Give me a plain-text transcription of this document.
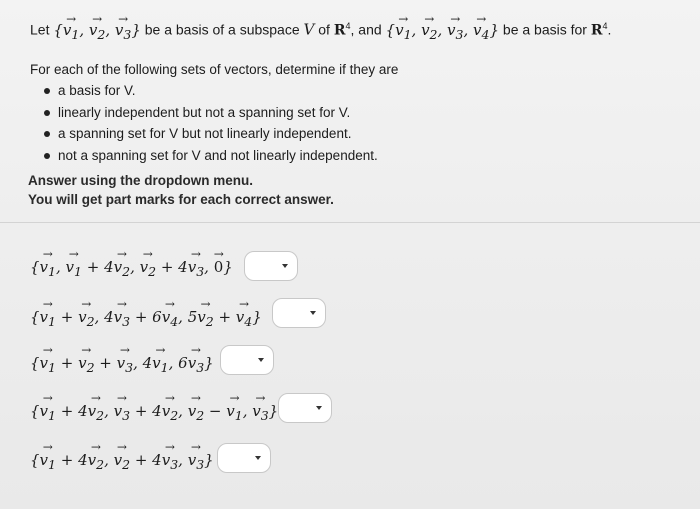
Let {→ $v_1$, → $v_2$, → $v_3$} be a basis of a subspace V of $R^4$, and {→ $v_1$, → $v_2$, → $v_3$, → $v_4$} be a basis for $R^4$.
For each of the following sets of vectors, determine if they are
a basis for V.
linearly independent but not a spanning set for V.
a spanning set for V but not linearly independent.
not a spanning set for V and not linearly independent.
Answer using the dropdown menu.
You will get part marks for each correct answer.
{→ $v_1$, → $v_1 + 4\to v_2$, → $v_2 + 4\to v_3$, → 0}
{→ $v_1$ + → $v_2$, $4\to v_3 + 6\to v_4$, $5\to v_2$ + → $v_4$}
{→ $v_1$ + → $v_2$ + → $v_3$, $4\to v_1$, $6\to v_3$}
{→ $v_1 + 4\to v_2$, → $v_3 + 4\to v_2$, → $v_2$ − → $v_1$, → $v_3$}
{→ $v_1 + 4\to v_2$, → $v_2 + 4\to v_3$, → $v_3$}
